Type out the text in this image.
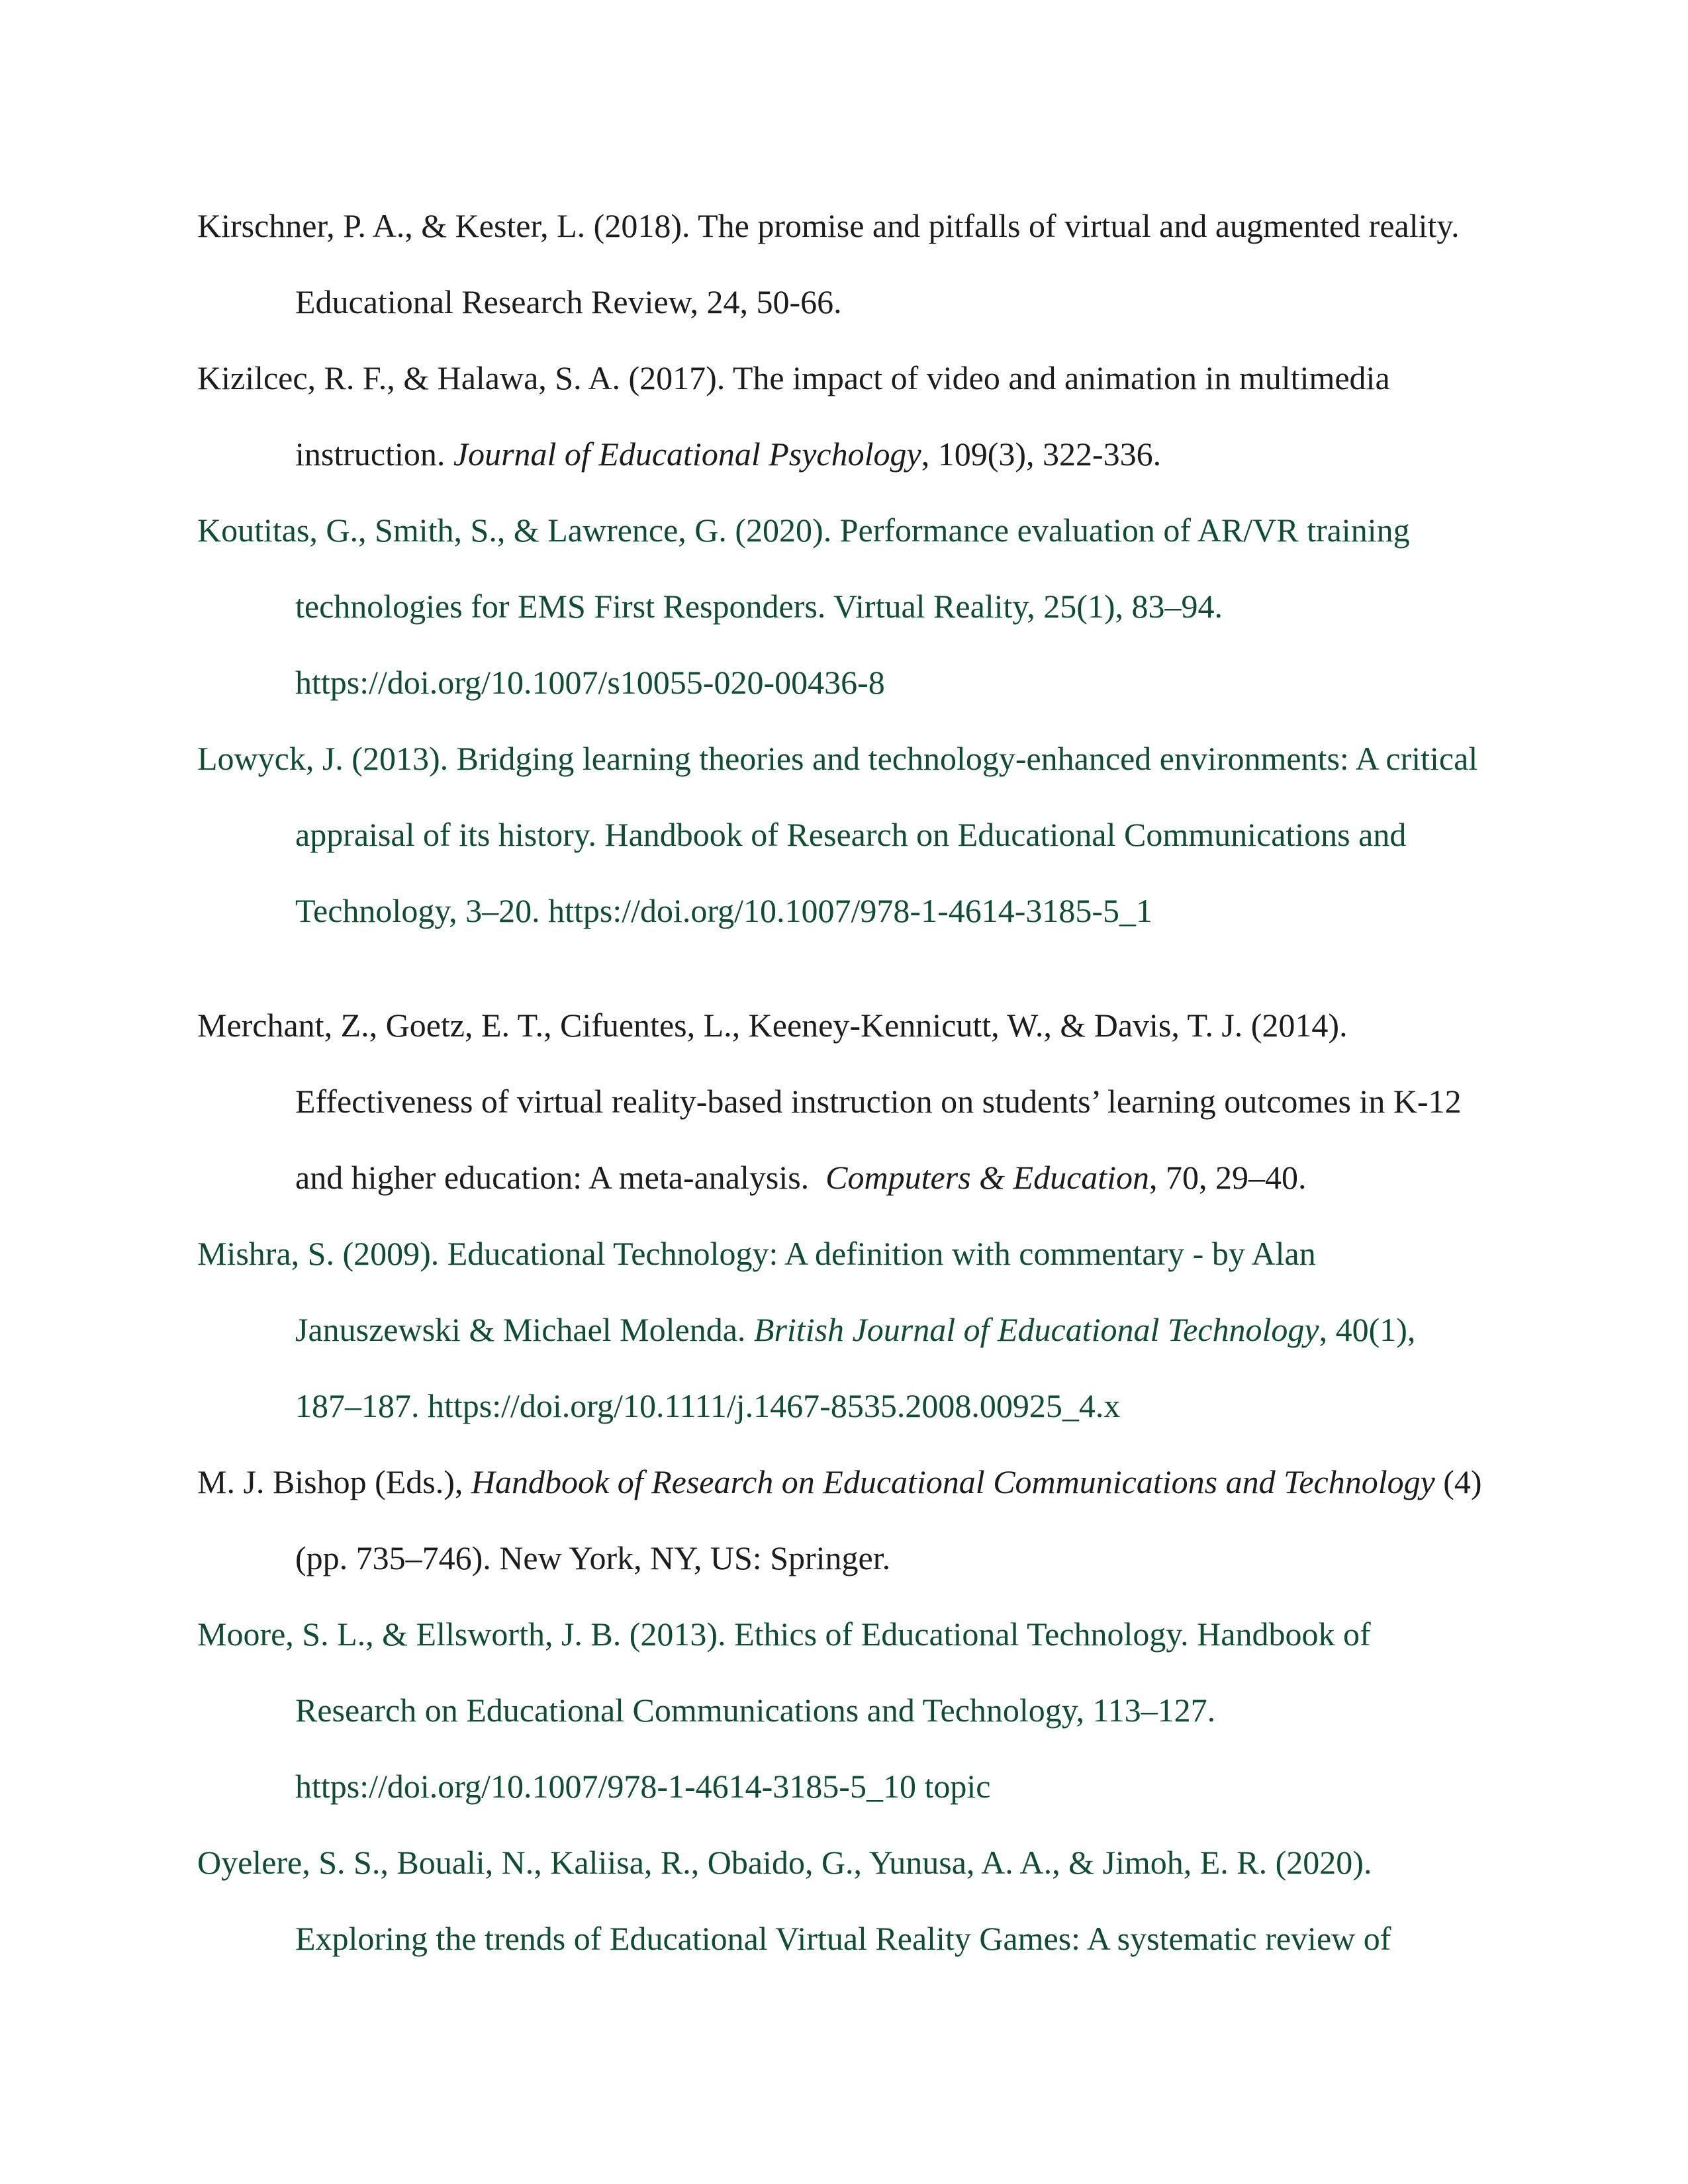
Kirschner, P. A., & Kester, L. (2018). The promise and pitfalls of virtual and augmented reality.
Educational Research Review, 24, 50-66.

Kizilcec, R. F., & Halawa, S. A. (2017). The impact of video and animation in multimedia
instruction. Journal of Educational Psychology, 109(3), 322-336.

Koutitas, G., Smith, S., & Lawrence, G. (2020). Performance evaluation of AR/VR training
technologies for EMS First Responders. Virtual Reality, 25(1), 83–94.
https://doi.org/10.1007/s10055-020-00436-8

Lowyck, J. (2013). Bridging learning theories and technology-enhanced environments: A critical
appraisal of its history. Handbook of Research on Educational Communications and
Technology, 3–20. https://doi.org/10.1007/978-1-4614-3185-5_1

Merchant, Z., Goetz, E. T., Cifuentes, L., Keeney-Kennicutt, W., & Davis, T. J. (2014).
Effectiveness of virtual reality-based instruction on students’ learning outcomes in K-12
and higher education: A meta-analysis.  Computers & Education, 70, 29–40.

Mishra, S. (2009). Educational Technology: A definition with commentary - by Alan
Januszewski & Michael Molenda. British Journal of Educational Technology, 40(1),
187–187. https://doi.org/10.1111/j.1467-8535.2008.00925_4.x

M. J. Bishop (Eds.), Handbook of Research on Educational Communications and Technology (4)
(pp. 735–746). New York, NY, US: Springer.

Moore, S. L., & Ellsworth, J. B. (2013). Ethics of Educational Technology. Handbook of
Research on Educational Communications and Technology, 113–127.
https://doi.org/10.1007/978-1-4614-3185-5_10 topic

Oyelere, S. S., Bouali, N., Kaliisa, R., Obaido, G., Yunusa, A. A., & Jimoh, E. R. (2020).
Exploring the trends of Educational Virtual Reality Games: A systematic review of
